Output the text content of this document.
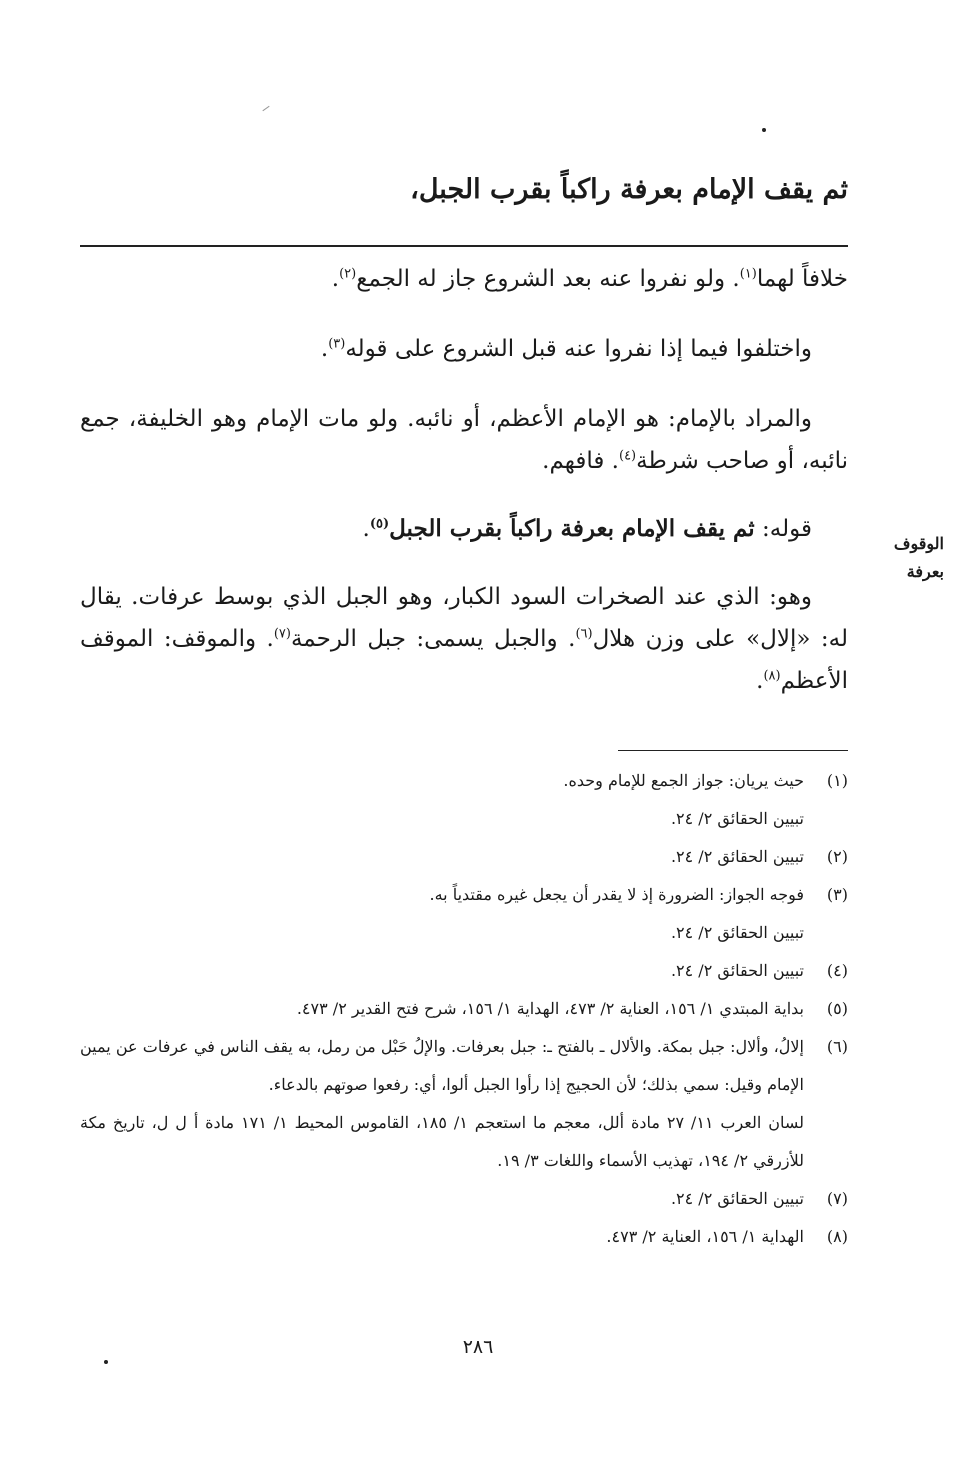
ثم يقف الإمام بعرفة راكباً بقرب الجبل،

خلافاً لهما$^{(١)}$. ولو نفروا عنه بعد الشروع جاز له الجمع$^{(٢)}$.

واختلفوا فيما إذا نفروا عنه قبل الشروع على قوله$^{(٣)}$.

والمراد بالإمام: هو الإمام الأعظم، أو نائبه. ولو مات الإمام وهو الخليفة، جمع نائبه، أو صاحب شرطة$^{(٤)}$. فافهم.

قوله: ثم يقف الإمام بعرفة راكباً بقرب الجبل$^{(٥)}$.

وهو: الذي عند الصخرات السود الكبار، وهو الجبل الذي بوسط عرفات. يقال له: «إلال» على وزن هلال$^{(٦)}$. والجبل يسمى: جبل الرحمة$^{(٧)}$. والموقف: الموقف الأعظم$^{(٨)}$.

الوقوف
بعرفة
(١)
حيث يريان: جواز الجمع للإمام وحده.
تبيين الحقائق ٢/ ٢٤.
(٢)
تبيين الحقائق ٢/ ٢٤.
(٣)
فوجه الجواز: الضرورة إذ لا يقدر أن يجعل غيره مقتدياً به.
تبيين الحقائق ٢/ ٢٤.
(٤)
تبيين الحقائق ٢/ ٢٤.
(٥)
بداية المبتدي ١/ ١٥٦، العناية ٢/ ٤٧٣، الهداية ١/ ١٥٦، شرح فتح القدير ٢/ ٤٧٣.
(٦)
إلالُ، وألال: جبل بمكة. والألال ـ بالفتح ـ: جبل بعرفات. والإلُ حَبْل من رمل، به يقف الناس في عرفات عن يمين الإمام وقيل: سمي بذلك؛ لأن الحجيج إذا رأوا الجبل ألوا، أي: رفعوا صوتهم بالدعاء.
لسان العرب ١١/ ٢٧ مادة ألل، معجم ما استعجم ١/ ١٨٥، القاموس المحيط ١/ ١٧١ مادة أ ل ل، تاريخ مكة للأزرقي ٢/ ١٩٤، تهذيب الأسماء واللغات ٣/ ١٩.
(٧)
تبيين الحقائق ٢/ ٢٤.
(٨)
الهداية ١/ ١٥٦، العناية ٢/ ٤٧٣.
٢٨٦
